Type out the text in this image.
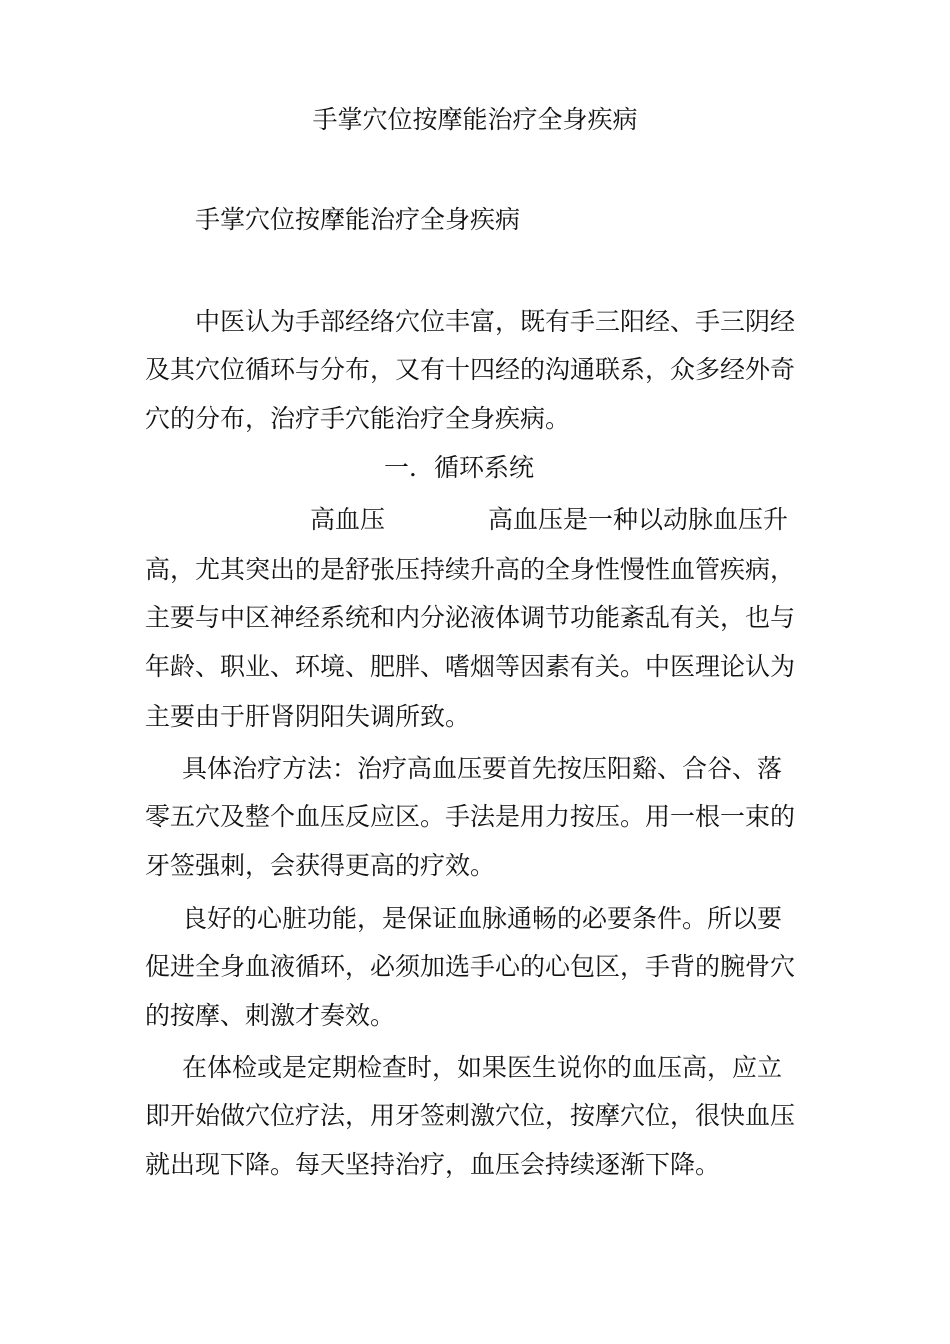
手掌穴位按摩能治疗全身疾病
手掌穴位按摩能治疗全身疾病
中医认为手部经络穴位丰富，既有手三阳经、手三阴经
及其穴位循环与分布，又有十四经的沟通联系，众多经外奇
穴的分布，治疗手穴能治疗全身疾病。
一．循环系统
高血压	高血压是一种以动脉血压升
高，尤其突出的是舒张压持续升高的全身性慢性血管疾病，
主要与中区神经系统和内分泌液体调节功能紊乱有关，也与
年龄、职业、环境、肥胖、嗜烟等因素有关。中医理论认为
主要由于肝肾阴阳失调所致。
具体治疗方法：治疗高血压要首先按压阳谿、合谷、落
零五穴及整个血压反应区。手法是用力按压。用一根一束的
牙签强刺，会获得更高的疗效。
良好的心脏功能，是保证血脉通畅的必要条件。所以要
促进全身血液循环，必须加选手心的心包区，手背的腕骨穴
的按摩、刺激才奏效。
在体检或是定期检查时，如果医生说你的血压高，应立
即开始做穴位疗法，用牙签刺激穴位，按摩穴位，很快血压
就出现下降。每天坚持治疗，血压会持续逐渐下降。
